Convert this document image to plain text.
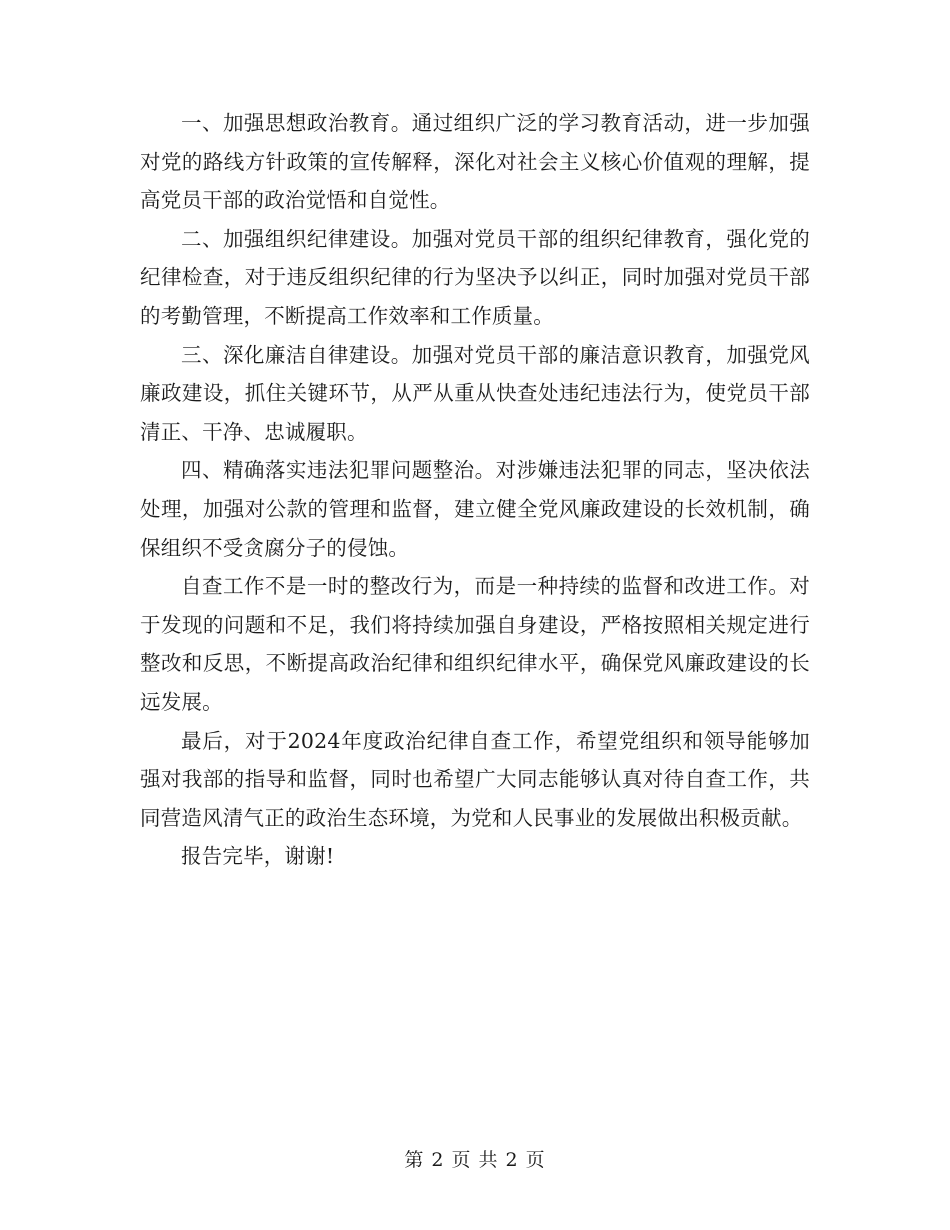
一、加强思想政治教育。通过组织广泛的学习教育活动，进一步加强对党的路线方针政策的宣传解释，深化对社会主义核心价值观的理解，提高党员干部的政治觉悟和自觉性。

二、加强组织纪律建设。加强对党员干部的组织纪律教育，强化党的纪律检查，对于违反组织纪律的行为坚决予以纠正，同时加强对党员干部的考勤管理，不断提高工作效率和工作质量。

三、深化廉洁自律建设。加强对党员干部的廉洁意识教育，加强党风廉政建设，抓住关键环节，从严从重从快查处违纪违法行为，使党员干部清正、干净、忠诚履职。

四、精确落实违法犯罪问题整治。对涉嫌违法犯罪的同志，坚决依法处理，加强对公款的管理和监督，建立健全党风廉政建设的长效机制，确保组织不受贪腐分子的侵蚀。

自查工作不是一时的整改行为，而是一种持续的监督和改进工作。对于发现的问题和不足，我们将持续加强自身建设，严格按照相关规定进行整改和反思，不断提高政治纪律和组织纪律水平，确保党风廉政建设的长远发展。

最后，对于2024年度政治纪律自查工作，希望党组织和领导能够加强对我部的指导和监督，同时也希望广大同志能够认真对待自查工作，共同营造风清气正的政治生态环境，为党和人民事业的发展做出积极贡献。

报告完毕，谢谢!

第 2 页 共 2 页
